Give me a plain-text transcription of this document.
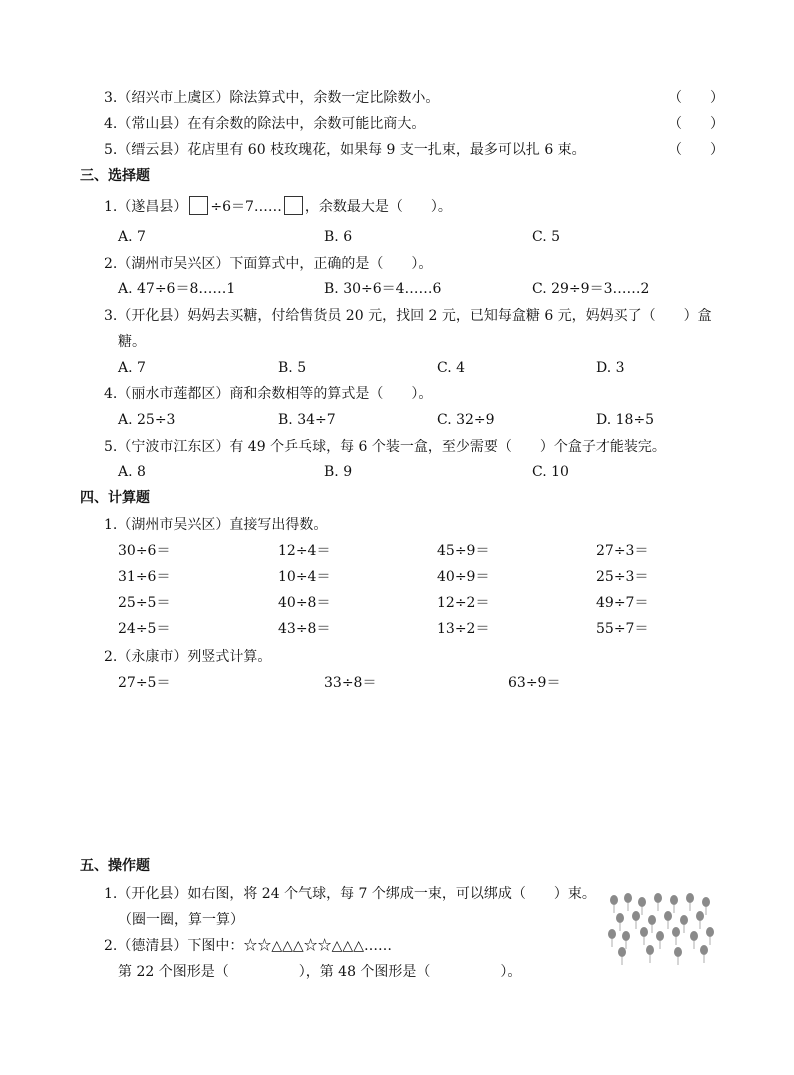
3.（绍兴市上虞区）除法算式中，余数一定比除数小。	（　　）
4.（常山县）在有余数的除法中，余数可能比商大。	（　　）
5.（缙云县）花店里有 60 枝玫瑰花，如果每 9 支一扎束，最多可以扎 6 束。	（　　）
三、选择题
1.（遂昌县） ÷6＝7…… ，余数最大是（　　）。
A. 7	B. 6	C. 5
2.（湖州市吴兴区）下面算式中，正确的是（　　）。
A. 47÷6＝8……1	B. 30÷6＝4……6	C. 29÷9＝3……2
3.（开化县）妈妈去买糖，付给售货员 20 元，找回 2 元，已知每盒糖 6 元，妈妈买了（　　）盒
糖。
A. 7	B. 5	C. 4	D. 3
4.（丽水市莲都区）商和余数相等的算式是（　　）。
A. 25÷3	B. 34÷7	C. 32÷9	D. 18÷5
5.（宁波市江东区）有 49 个乒乓球，每 6 个装一盒，至少需要（　　）个盒子才能装完。
A. 8	B. 9	C. 10
四、计算题
1.（湖州市吴兴区）直接写出得数。
30÷6＝	12÷4＝	45÷9＝	27÷3＝
31÷6＝	10÷4＝	40÷9＝	25÷3＝
25÷5＝	40÷8＝	12÷2＝	49÷7＝
24÷5＝	43÷8＝	13÷2＝	55÷7＝
2.（永康市）列竖式计算。
27÷5＝	33÷8＝	63÷9＝
五、操作题
1.（开化县）如右图，将 24 个气球，每 7 个绑成一束，可以绑成（　　）束。
（圈一圈，算一算）
2.（德清县）下图中：☆☆△△△☆☆△△△……
第 22 个图形是（　　　　　），第 48 个图形是（　　　　　）。
